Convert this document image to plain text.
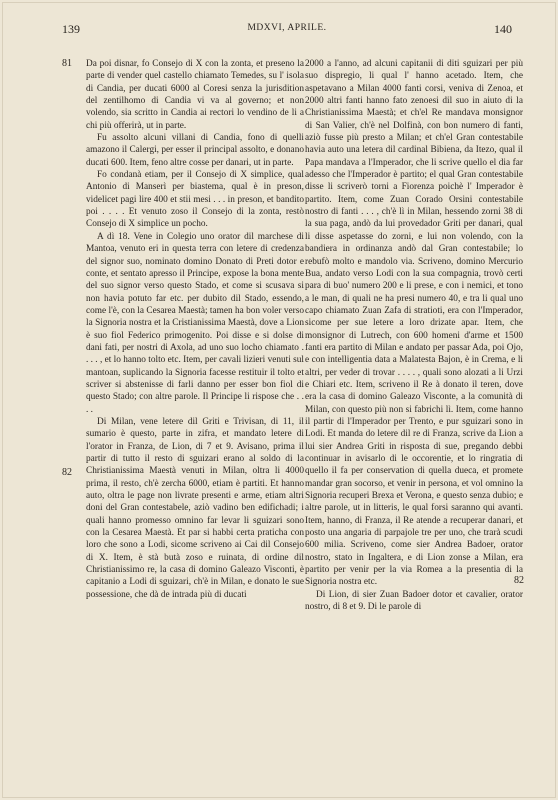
139	MDXVI, APRILE.	140
81
82
82

Da poi disnar, fo Consejo di X con la zonta, et preseno la parte di vender quel castello chiamato Temedes, su l' isola di Candia, per ducati 6000 al Coresi senza la jurisdition del zentilhomo di Candia vi va al governo; et non volendo, sia scritto in Candia ai rectori lo vendino de li a chi più offerirà, ut in parte.

Fu assolto alcuni villani di Candia, fono di quelli amazono il Calergi, per esser il principal assolto, e donano ducati 600. Item, feno altre cosse per danari, ut in parte.

Fo condanà etiam, per il Consejo di X simplice, qual Antonio di Manserì per biastema, qual è in preson, videlicet pagi lire 400 et stii mesi . . . in preson, et bandito poi . . . . Et venuto zoso il Consejo di la zonta, restò Consejo di X simplice un pocho.

A dì 18. Vene in Colegio uno orator dil marchese di Mantoa, venuto eri in questa terra con letere di credenza del signor suo, nominato domino Donato di Preti dotor e conte, et sentato apresso il Principe, expose la bona mente del suo signor verso questo Stado, et come si scusava si non havia potuto far etc. per dubito dil Stado, essendo, come l'è, con la Cesarea Maestà; tamen ha bon voler verso la Signoria nostra et la Cristianissima Maestà, dove a Lion è suo fiol Federico primogenito. Poi disse e si dolse di dani fati, per nostri di Axola, ad uno suo locho chiamato . . . . , et lo hanno tolto etc. Item, per cavali lizieri venuti sul mantoan, suplicando la Signoria facesse restituir il tolto et scriver si abstenisse di farli danno per esser bon fiol di questo Stado; con altre parole. Il Principe li rispose che . . . .

Di Milan, vene letere dil Griti e Trivisan, di 11, il sumario è questo, parte in zifra, et mandato letere di l'orator in Franza, de Lion, di 7 et 9. Avisano, prima il partir di tutto il resto di sguizari erano al soldo di la Christianissima Maestà venuti in Milan, oltra li 4000 prima, il resto, ch'è zercha 6000, etiam è partiti. Et hanno auto, oltra le page non livrate presenti e arme, etiam altri doni del Gran contestabele, aziò vadino ben edifichadi; i quali hanno promesso omnino far levar li sguizari sono con la Cesarea Maestà. Et par si habbi certa praticha con loro che sono a Lodi, sicome scriveno ai Cai dil Consejo di X. Item, è stà butà zoso e ruinata, di ordine dil Christianissimo re, la casa di domino Galeazo Visconti, è capitanio a Lodi di sguizari, ch'è in Milan, e donato le sue possessione, che dà de intrada più di ducati

2000 a l'anno, ad alcuni capitanii di diti sguizari per più suo dispregio, li qual l' hanno acetado. Item, che aspetavano a Milan 4000 fanti corsi, veniva di Zenoa, et 2000 altri fanti hanno fato zenoesi dil suo in aiuto di la Christianissima Maestà; et ch'el Re mandava monsignor di San Valier, ch'è nel Dolfinà, con bon numero di fanti, aziò fusse più presto a Milan; et ch'el Gran contestabile havia auto una letera dil cardinal Bibiena, da Itezo, qual il Papa mandava a l'Imperador, che li scrive quello el dia far adesso che l'Imperador è partito; el qual Gran contestabile disse li scriverò torni a Fiorenza poichè l' Imperador è partito. Item, come Zuan Corado Orsini contestabile nostro di fanti . . . , ch'è lì in Milan, hessendo zorni 38 di la sua paga, andò da lui provedador Griti per danari, qual li disse aspetasse do zorni, e lui non volendo, con la bandiera in ordinanza andò dal Gran contestabile; lo rebufò molto e mandolo via. Scriveno, domino Mercurio Bua, andato verso Lodi con la sua compagnia, trovò certi para di buo' numero 200 e li prese, e con i nemici, et tono a le man, di quali ne ha presi numero 40, e tra li qual uno capo chiamato Zuan Zafa di stratioti, era con l'Imperador, sicome per sue letere a loro drizate apar. Item, che monsignor di Lutrech, con 600 homeni d'arme et 1500 fanti era partito di Milan e andato per passar Ada, poi Ojo, e con intelligentia data a Malatesta Bajon, è in Crema, e li altri, per veder di trovar . . . . , quali sono alozati a li Urzi e Chiari etc. Item, scriveno il Re à donato il teren, dove era la casa di domino Galeazo Visconte, a la comunità di Milan, con questo più non si fabrichi lì. Item, come hanno il partir di l'Imperador per Trento, e pur sguizari sono in Lodi. Et manda do letere dil re di Franza, scrive da Lion a lui sier Andrea Griti in risposta di sue, pregando debbi continuar in avisarlo di le occorentie, et lo ringratia di quello il fa per conservation di quella dueca, et promete mandar gran socorso, et venir in persona, et vol omnino la Signoria recuperi Brexa et Verona, e questo senza dubio; e altre parole, ut in litteris, le qual forsi saranno qui avanti. Item, hanno, di Franza, il Re atende a recuperar danari, et posto una angaria di parpajole tre per uno, che trarà scudi 600 milia. Scriveno, come sier Andrea Badoer, orator nostro, stato in Ingaltera, e di Lion zonse a Milan, era partito per venir per la via Romea a la presentia di la Signoria nostra etc.

Di Lion, di sier Zuan Badoer dotor et cavalier, orator nostro, di 8 et 9. Di le parole di
